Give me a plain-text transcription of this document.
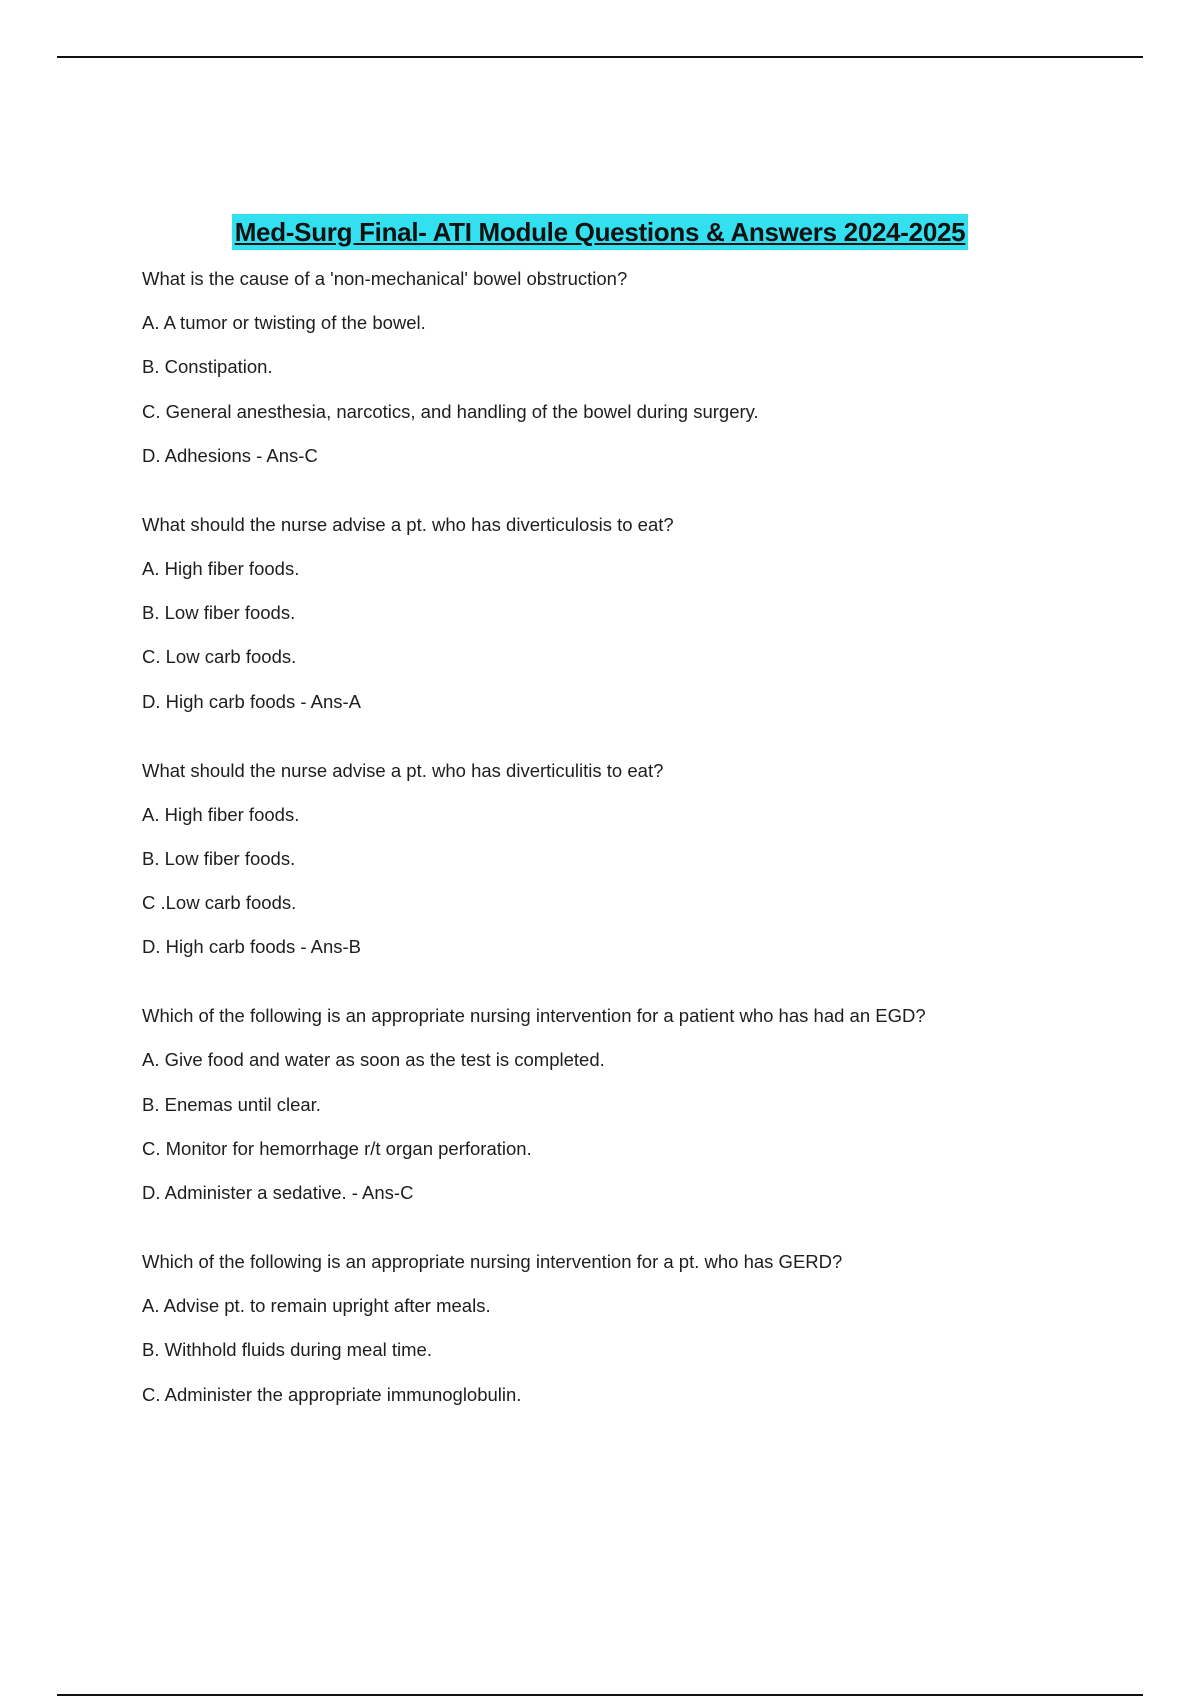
Med-Surg Final- ATI Module Questions & Answers 2024-2025
What is the cause of a 'non-mechanical' bowel obstruction?
A. A tumor or twisting of the bowel.
B. Constipation.
C. General anesthesia, narcotics, and handling of the bowel during surgery.
D. Adhesions - Ans-C
What should the nurse advise a pt. who has diverticulosis to eat?
A. High fiber foods.
B. Low fiber foods.
C. Low carb foods.
D. High carb foods - Ans-A
What should the nurse advise a pt. who has diverticulitis to eat?
A. High fiber foods.
B. Low fiber foods.
C .Low carb foods.
D. High carb foods - Ans-B
Which of the following is an appropriate nursing intervention for a patient who has had an EGD?
A. Give food and water as soon as the test is completed.
B. Enemas until clear.
C. Monitor for hemorrhage r/t organ perforation.
D. Administer a sedative. - Ans-C
Which of the following is an appropriate nursing intervention for a pt. who has GERD?
A. Advise pt. to remain upright after meals.
B. Withhold fluids during meal time.
C. Administer the appropriate immunoglobulin.
